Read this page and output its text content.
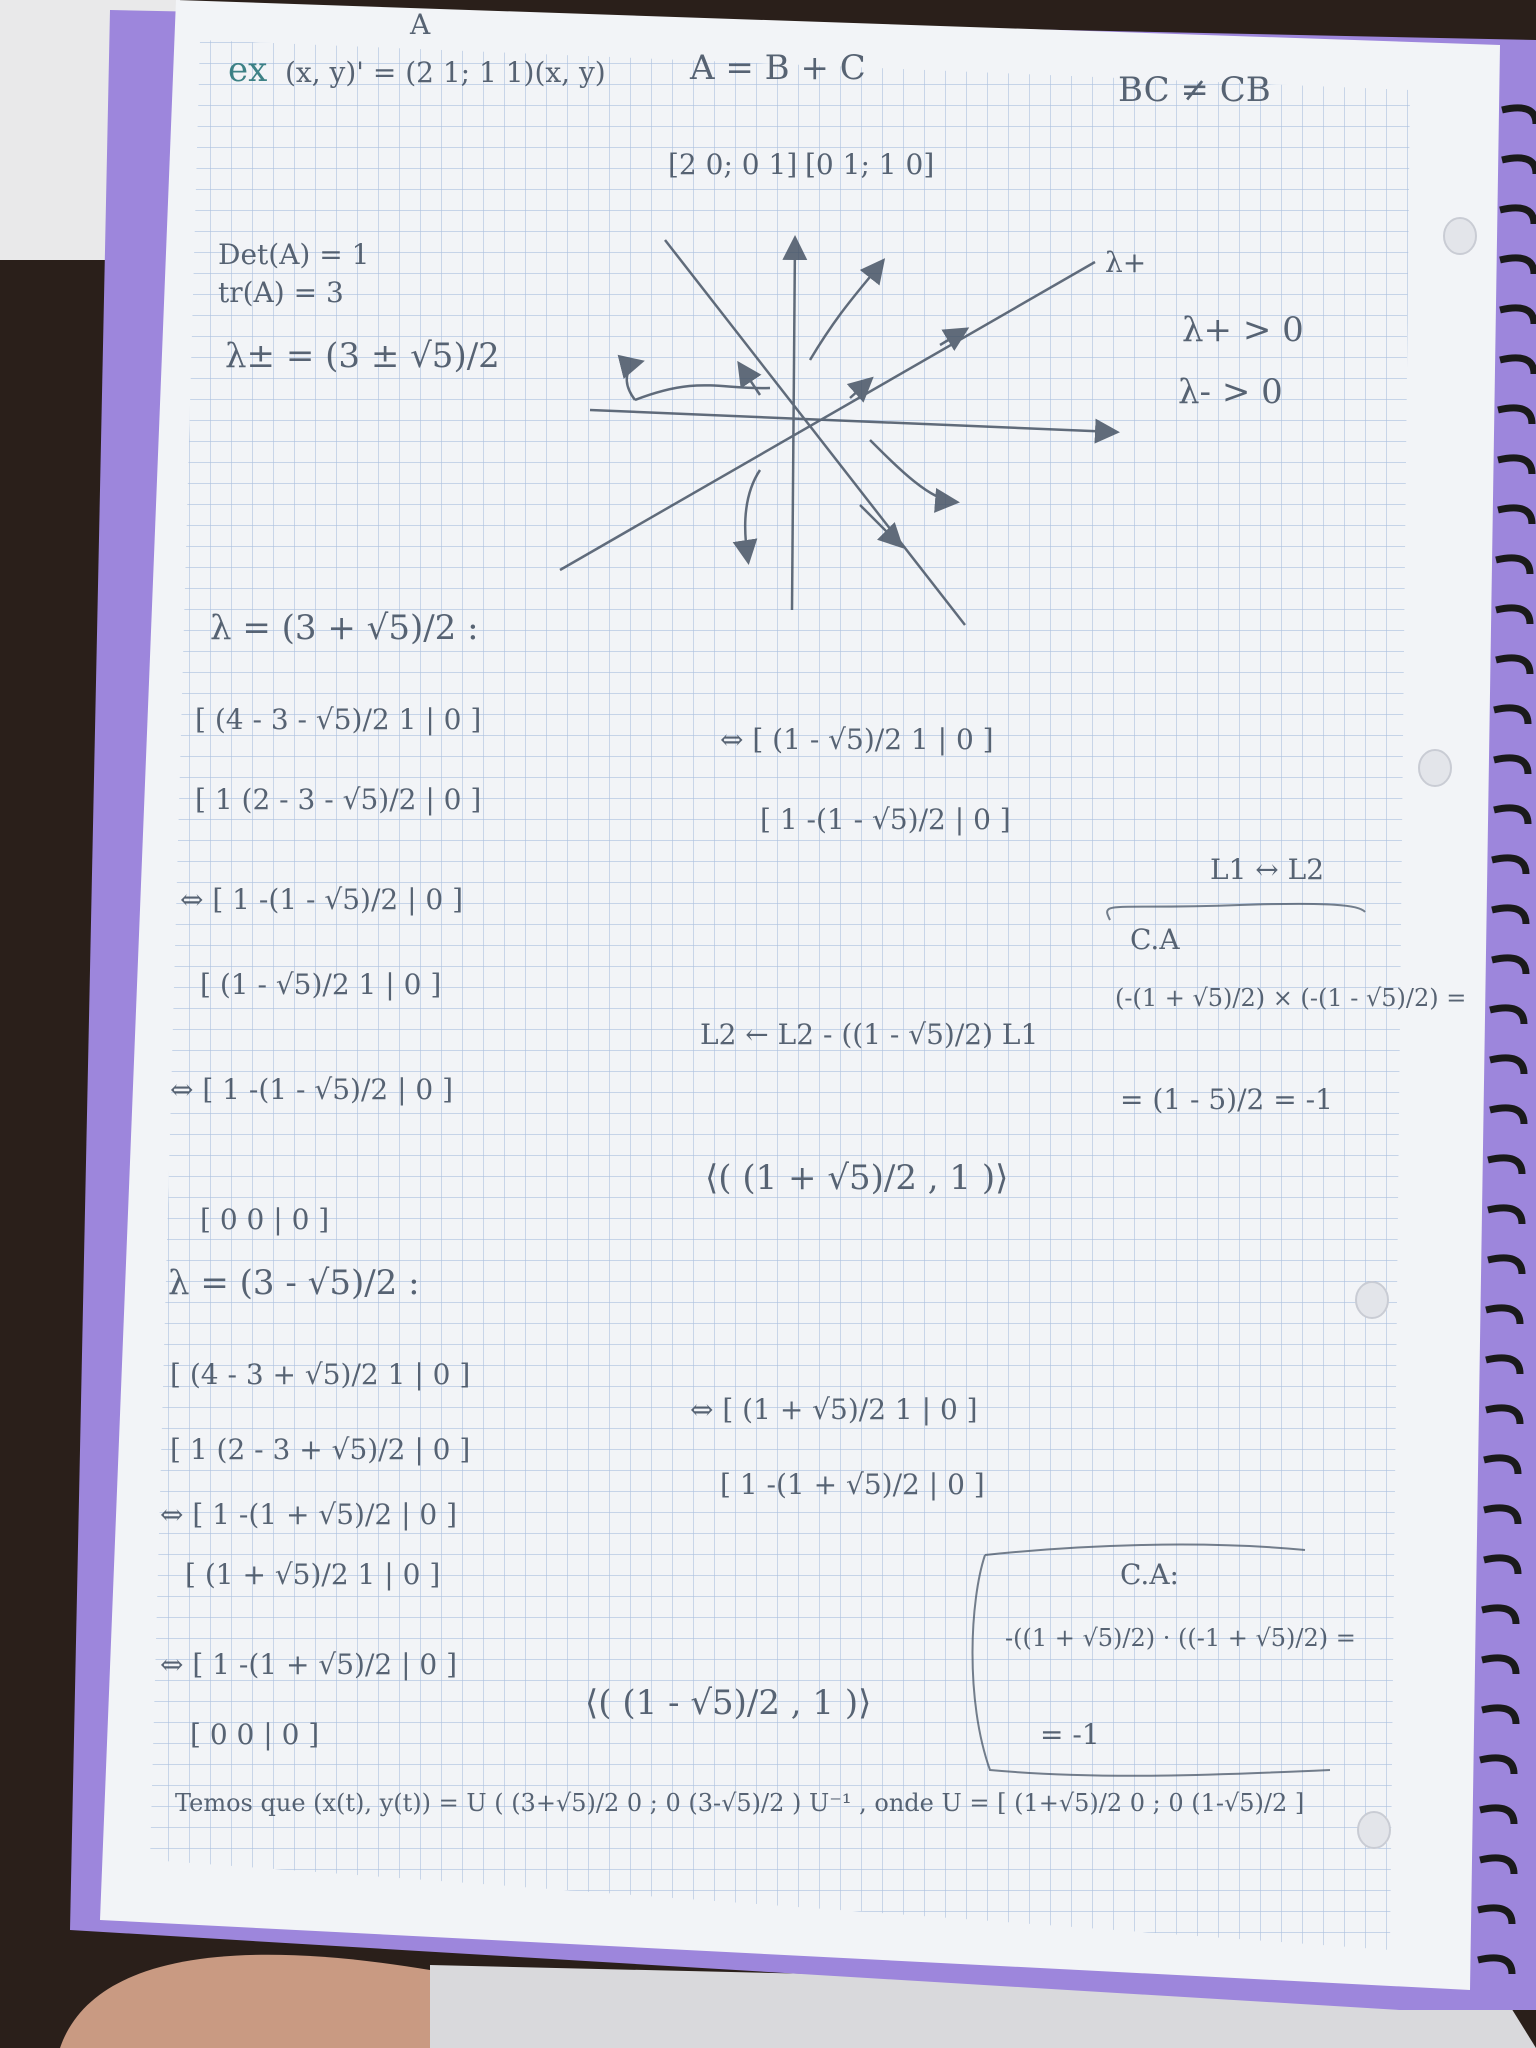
ex
A
(x, y)' = (2 1; 1 1)(x, y) A = B + C
[2 0; 0 1] [0 1; 1 0]
BC ≠ CB
Det(A) = 1
tr(A) = 3
λ± = (3 ± √5)/2
λ+
λ+ > 0
λ- > 0
λ = (3 + √5)/2 :
[ (4 - 3 - √5)/2 1 | 0 ]
[ 1 (2 - 3 - √5)/2 | 0 ]
⇔ [ (1 - √5)/2 1 | 0 ]
[ 1 -(1 - √5)/2 | 0 ]
L1 ↔ L2
⇔ [ 1 -(1 - √5)/2 | 0 ]
[ (1 - √5)/2 1 | 0 ]
L2 ← L2 - ((1 - √5)/2) L1
⇔ [ 1 -(1 - √5)/2 | 0 ]
[ 0 0 | 0 ]
⟨( (1 + √5)/2 , 1 )⟩
C.A
(-(1 + √5)/2) × (-(1 - √5)/2) =
= (1 - 5)/2 = -1
λ = (3 - √5)/2 :
[ (4 - 3 + √5)/2 1 | 0 ]
[ 1 (2 - 3 + √5)/2 | 0 ]
⇔ [ (1 + √5)/2 1 | 0 ]
[ 1 -(1 + √5)/2 | 0 ]
⇔ [ 1 -(1 + √5)/2 | 0 ]
[ (1 + √5)/2 1 | 0 ]
⇔ [ 1 -(1 + √5)/2 | 0 ]
[ 0 0 | 0 ]
⟨( (1 - √5)/2 , 1 )⟩
C.A:
-((1 + √5)/2) · ((-1 + √5)/2) =
= -1
Temos que (x(t), y(t)) = U ( (3+√5)/2 0 ; 0 (3-√5)/2 ) U⁻¹ , onde U = [ (1+√5)/2 0 ; 0 (1-√5)/2 ]
